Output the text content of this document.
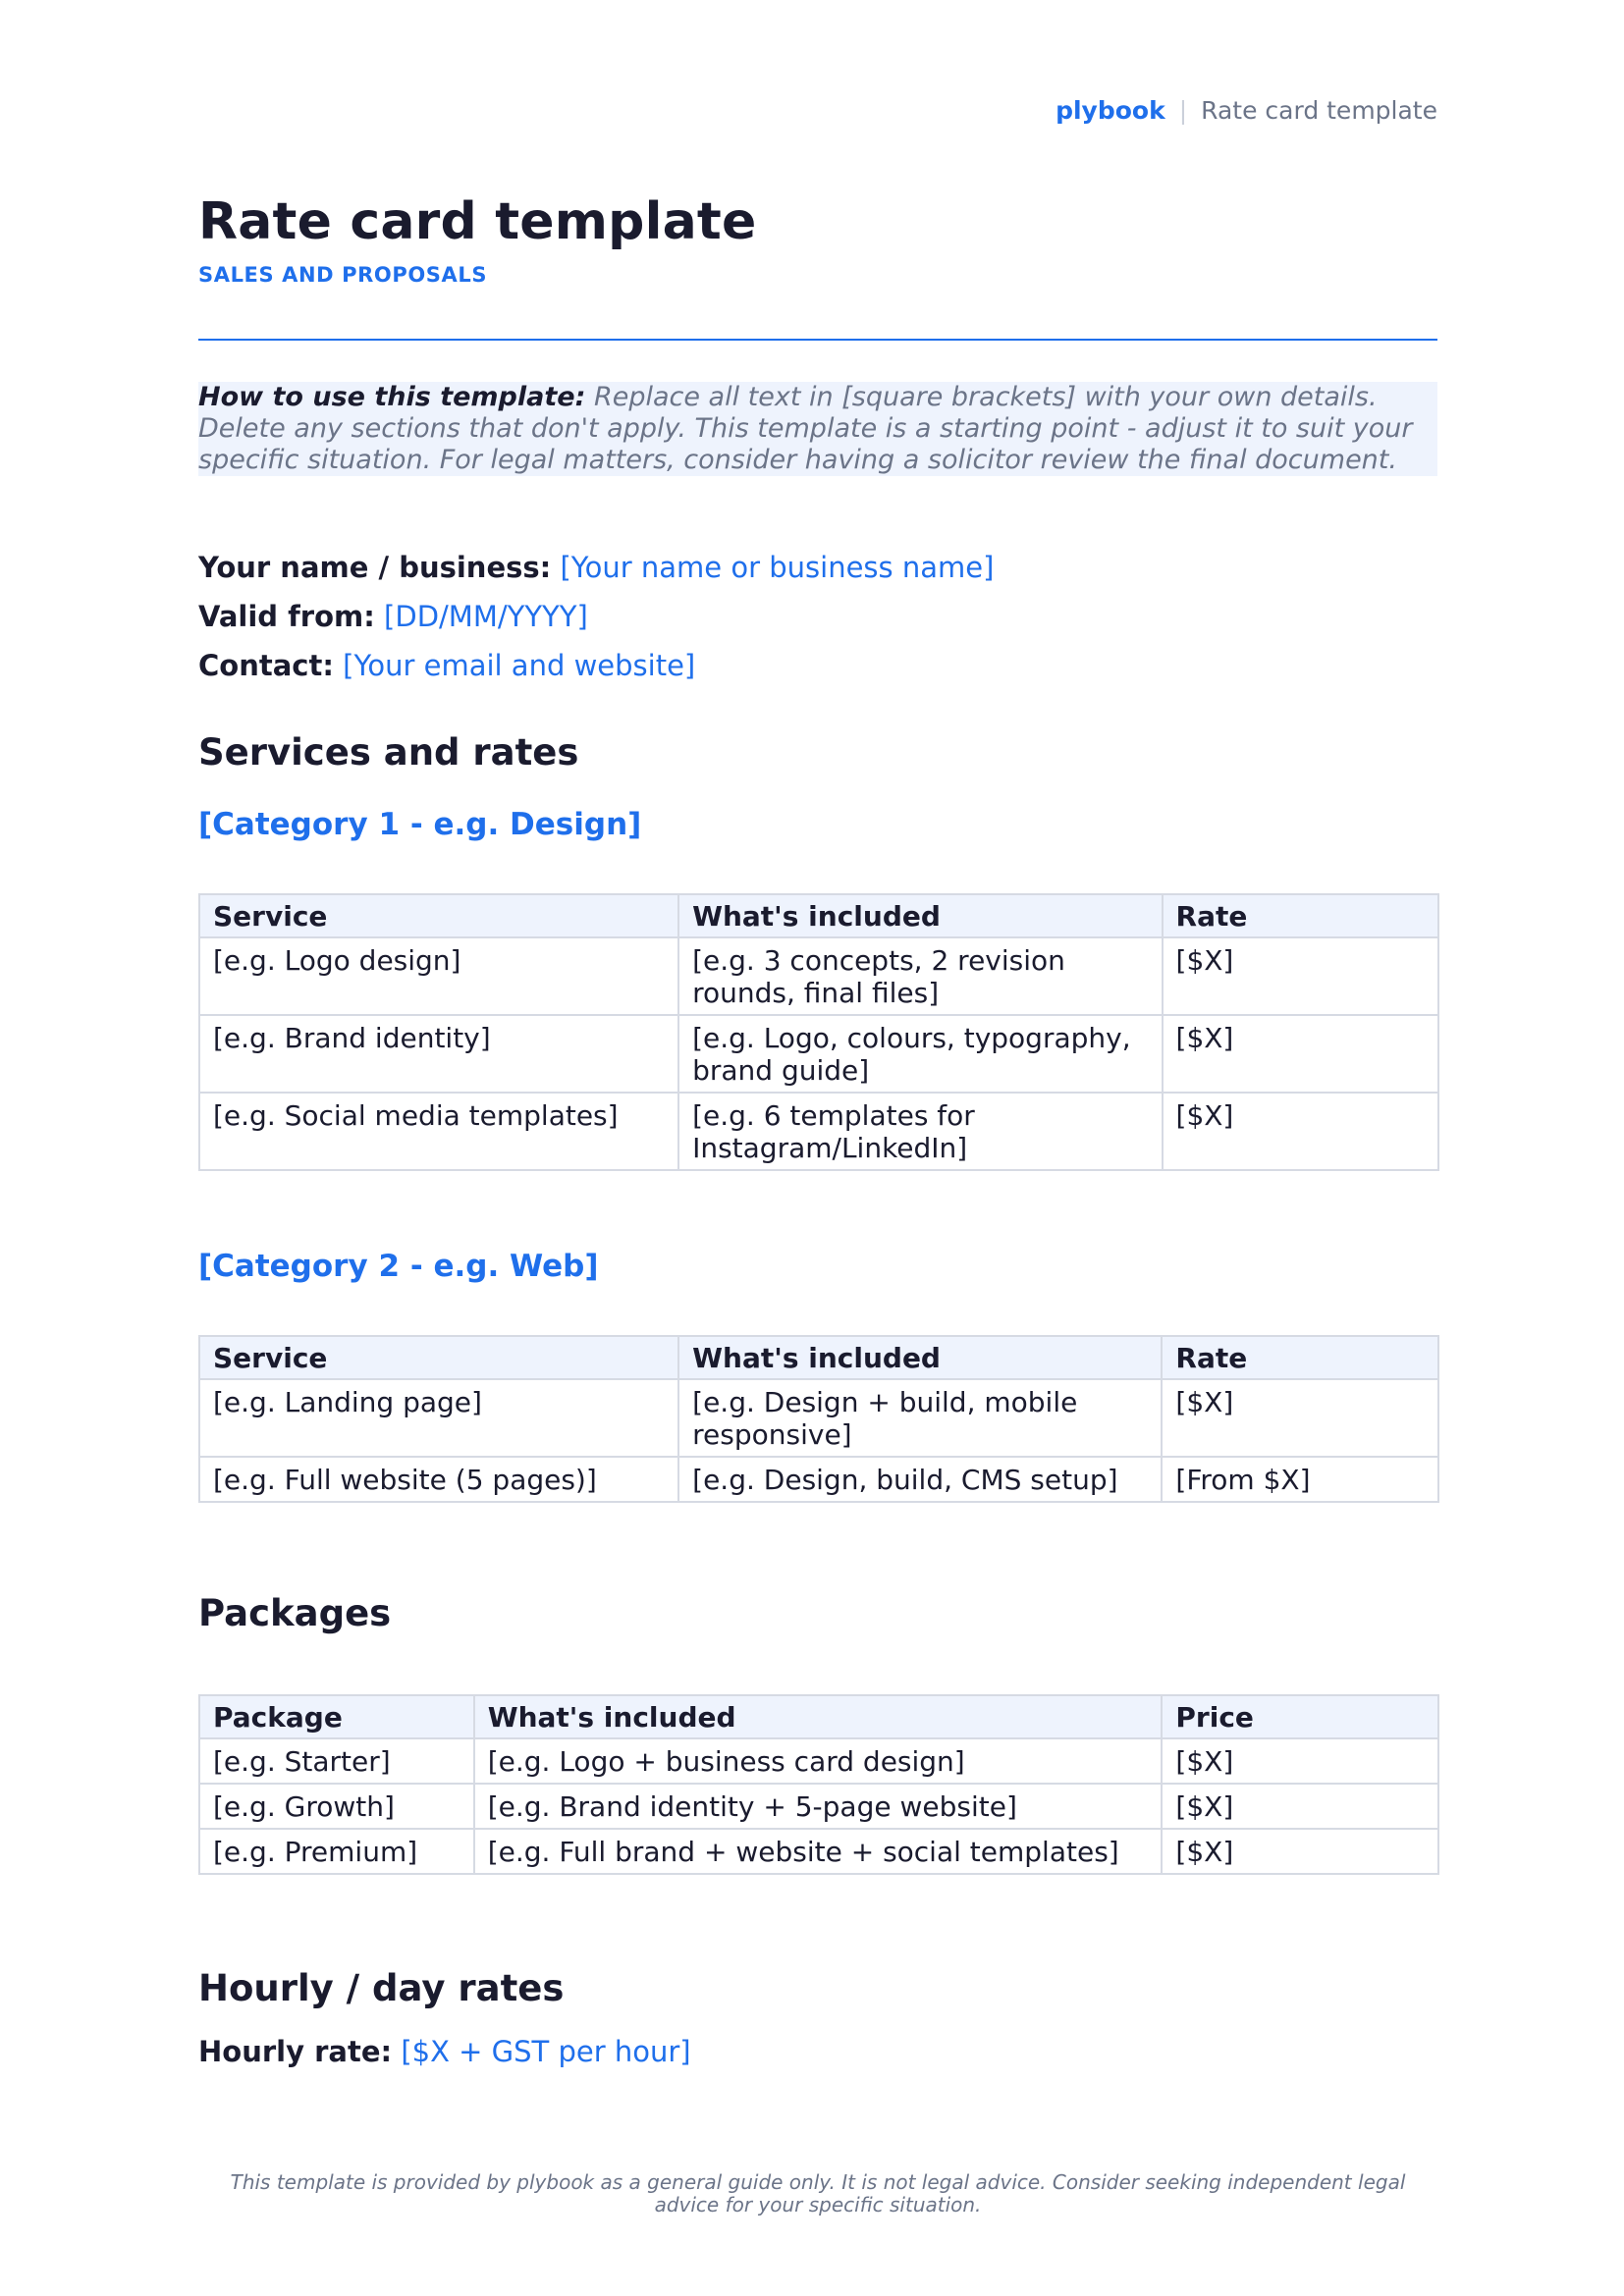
plybook | Rate card template
Rate card template
SALES AND PROPOSALS
How to use this template: Replace all text in [square brackets] with your own details. Delete any sections that don't apply. This template is a starting point - adjust it to suit your specific situation. For legal matters, consider having a solicitor review the final document.
Your name / business: [Your name or business name]
Valid from: [DD/MM/YYYY]
Contact: [Your email and website]
Services and rates
[Category 1 - e.g. Design]
Service	What's included	Rate
[e.g. Logo design]	[e.g. 3 concepts, 2 revision rounds, final files]	[$X]
[e.g. Brand identity]	[e.g. Logo, colours, typography, brand guide]	[$X]
[e.g. Social media templates]	[e.g. 6 templates for Instagram/LinkedIn]	[$X]
[Category 2 - e.g. Web]
Service	What's included	Rate
[e.g. Landing page]	[e.g. Design + build, mobile responsive]	[$X]
[e.g. Full website (5 pages)]	[e.g. Design, build, CMS setup]	[From $X]
Packages
Package	What's included	Price
[e.g. Starter]	[e.g. Logo + business card design]	[$X]
[e.g. Growth]	[e.g. Brand identity + 5-page website]	[$X]
[e.g. Premium]	[e.g. Full brand + website + social templates]	[$X]
Hourly / day rates
Hourly rate: [$X + GST per hour]
This template is provided by plybook as a general guide only. It is not legal advice. Consider seeking independent legal advice for your specific situation.
